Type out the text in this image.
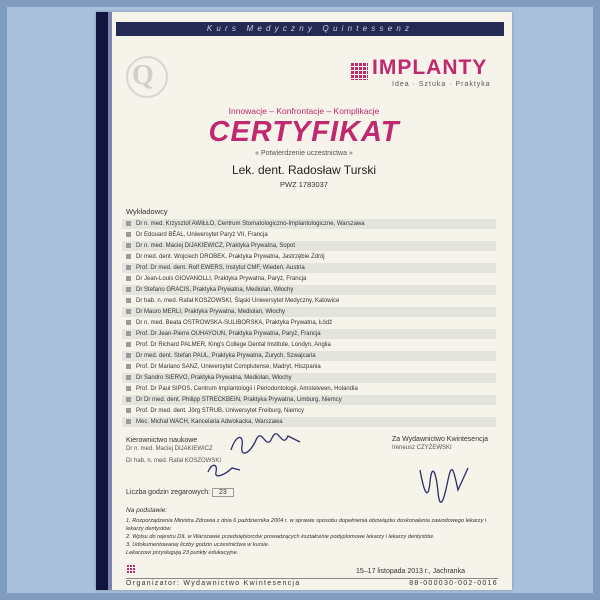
Kurs Medyczny Quintessenz
Q	IMPLANTY
Idea · Sztuka · Praktyka
Innowacje – Konfrontacje – Komplikacje
CERTYFIKAT
« Potwierdzenie uczestnictwa »
Lek. dent. Radosław Turski
PWZ 1783037
Wykładowcy
Dr n. med. Krzysztof AWIŁŁO, Centrum Stomatologiczno-Implantologiczne, Warszawa
Dr Edouard BÉAL, Uniwersytet Paryż VII, Francja
Dr n. med. Maciej DIJAKIEWICZ, Praktyka Prywatna, Sopot
Dr med. dent. Wojciech DROBEK, Praktyka Prywatna, Jastrzębie Zdrój
Prof. Dr med. dent. Rolf EWERS, Instytut CMF, Wiedeń, Austria
Dr Jean-Louis GIOVANOLLI, Praktyka Prywatna, Paryż, Francja
Dr Stefano GRACIS, Praktyka Prywatna, Mediolan, Włochy
Dr hab. n. med. Rafał KOSZOWSKI, Śląski Uniwersytet Medyczny, Katowice
Dr Mauro MERLI, Praktyka Prywatna, Mediolan, Włochy
Dr n. med. Beata OSTROWSKA-SULIBORSKA, Praktyka Prywatna, Łódź
Prof. Dr Jean-Pierre OUHAYOUN, Praktyka Prywatna, Paryż, Francja
Prof. Dr Richard PALMER, King's College Dental Institute, Londyn, Anglia
Dr med. dent. Stefan PAUL, Praktyka Prywatna, Zurych, Szwajcaria
Prof. Dr Mariano SANZ, Uniwersytet Complutense, Madryt, Hiszpania
Dr Sandro SIERVO, Praktyka Prywatna, Mediolan, Włochy
Prof. Dr Paul SIPOS, Centrum Implantologii i Periodontologii, Amstelveen, Holandia
Dr Dr med. dent. Philipp STRECKBEIN, Praktyka Prywatna, Limburg, Niemcy
Prof. Dr med. dent. Jörg STRUB, Uniwersytet Freiburg, Niemcy
Mec. Michał WACH, Kancelaria Adwokacka, Warszawa
Kierownictwo naukowe
Dr n. med. Maciej DIJAKIEWICZ
Dr hab. n. med. Rafał KOSZOWSKI
Za Wydawnictwo Kwintesencja
Ireneusz CZYŻEWSKI
Liczba godzin zegarowych: 23
Na podstawie:
1. Rozporządzenia Ministra Zdrowia z dnia 6 października 2004 r. w sprawie sposobu dopełnienia obowiązku doskonalenia zawodowego lekarzy i lekarzy dentystów.
2. Wpisu do rejestru DIL w Warszawie przedsiębiorców prowadzących kształcenie podyplomowe lekarzy i lekarzy dentystów.
3. Udokumentowanej liczby godzin uczestnictwa w kursie.
Lekarzowi przysługują 23 punkty edukacyjne.
15–17 listopada 2013 r., Jachranka
Organizator: Wydawnictwo Kwintesencja	88-000030-002-0016
